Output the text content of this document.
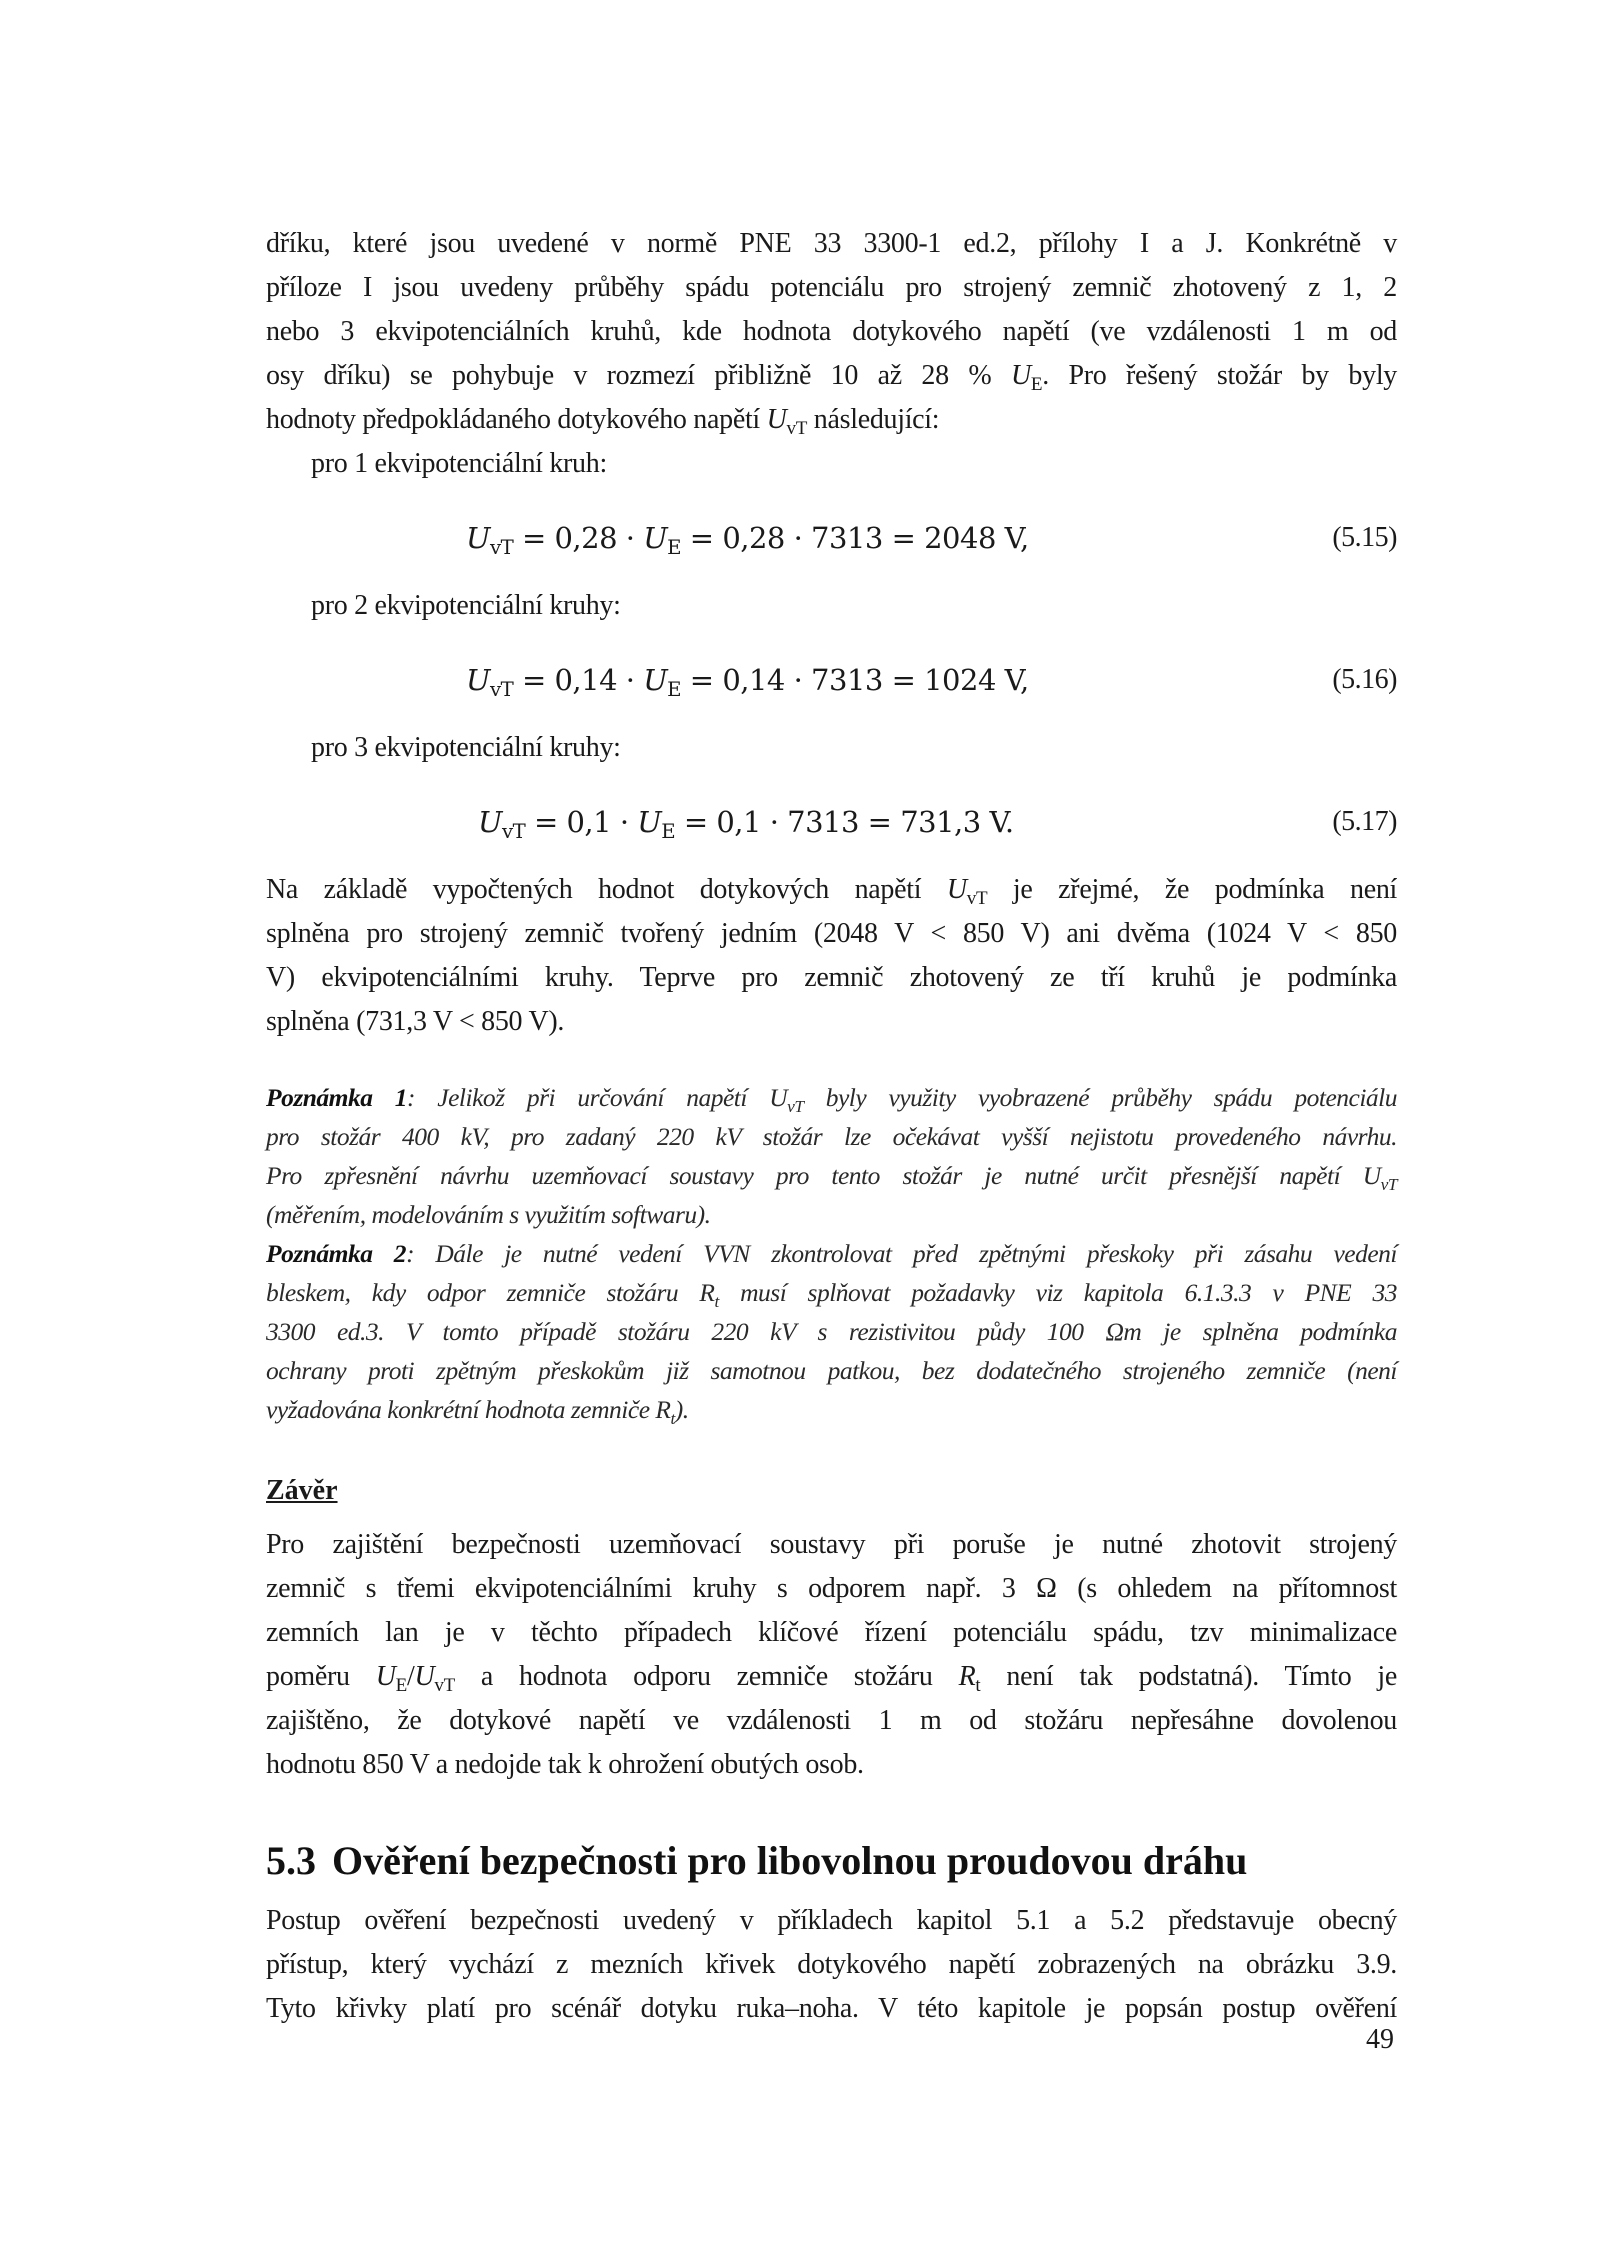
dříku, které jsou uvedené v normě PNE 33 3300-1 ed.2, přílohy I a J. Konkrétně v
příloze I jsou uvedeny průběhy spádu potenciálu pro strojený zemnič zhotovený z 1, 2
nebo 3 ekvipotenciálních kruhů, kde hodnota dotykového napětí (ve vzdálenosti 1 m od
osy dříku) se pohybuje v rozmezí přibližně 10 až 28 % $U_E$. Pro řešený stožár by byly
hodnoty předpokládaného dotykového napětí $U_{vT}$ následující:

pro 1 ekvipotenciální kruh:

$U_{vT} = 0,28 \cdot U_E = 0,28 \cdot 7313 = 2048$ V,	(5.15)

pro 2 ekvipotenciální kruhy:

$U_{vT} = 0,14 \cdot U_E = 0,14 \cdot 7313 = 1024$ V,	(5.16)

pro 3 ekvipotenciální kruhy:

$U_{vT} = 0,1 \cdot U_E = 0,1 \cdot 7313 = 731,3$ V.	(5.17)

Na základě vypočtených hodnot dotykových napětí $U_{vT}$ je zřejmé, že podmínka není
splněna pro strojený zemnič tvořený jedním (2048 V < 850 V) ani dvěma (1024 V < 850
V) ekvipotenciálními kruhy. Teprve pro zemnič zhotovený ze tří kruhů je podmínka
splněna (731,3 V < 850 V).

Poznámka 1: Jelikož při určování napětí $U_{vT}$ byly využity vyobrazené průběhy spádu potenciálu
pro stožár 400 kV, pro zadaný 220 kV stožár lze očekávat vyšší nejistotu provedeného návrhu.
Pro zpřesnění návrhu uzemňovací soustavy pro tento stožár je nutné určit přesnější napětí $U_{vT}$
(měřením, modelováním s využitím softwaru).
Poznámka 2: Dále je nutné vedení VVN zkontrolovat před zpětnými přeskoky při zásahu vedení
bleskem, kdy odpor zemniče stožáru $R_t$ musí splňovat požadavky viz kapitola 6.1.3.3 v PNE 33
3300 ed.3. V tomto případě stožáru 220 kV s rezistivitou půdy 100 Ωm je splněna podmínka
ochrany proti zpětným přeskokům již samotnou patkou, bez dodatečného strojeného zemniče (není
vyžadována konkrétní hodnota zemniče $R_t$).
Závěr

Pro zajištění bezpečnosti uzemňovací soustavy při poruše je nutné zhotovit strojený
zemnič s třemi ekvipotenciálními kruhy s odporem např. 3 Ω (s ohledem na přítomnost
zemních lan je v těchto případech klíčové řízení potenciálu spádu, tzv minimalizace
poměru $U_E/U_{vT}$ a hodnota odporu zemniče stožáru $R_t$ není tak podstatná). Tímto je
zajištěno, že dotykové napětí ve vzdálenosti 1 m od stožáru nepřesáhne dovolenou
hodnotu 850 V a nedojde tak k ohrožení obutých osob.

5.3 Ověření bezpečnosti pro libovolnou proudovou dráhu

Postup ověření bezpečnosti uvedený v příkladech kapitol 5.1 a 5.2 představuje obecný
přístup, který vychází z mezních křivek dotykového napětí zobrazených na obrázku 3.9.
Tyto křivky platí pro scénář dotyku ruka–noha. V této kapitole je popsán postup ověření

49
